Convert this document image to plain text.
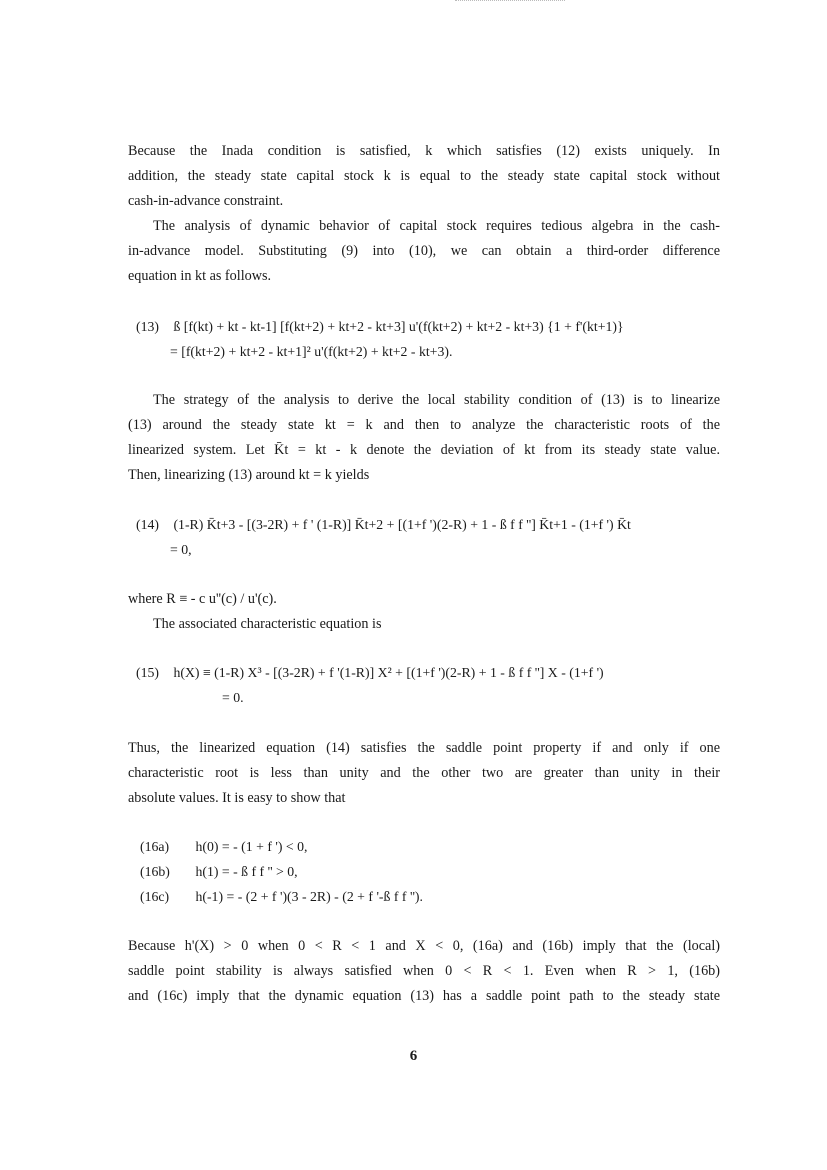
Because the Inada condition is satisfied, k which satisfies (12) exists uniquely. In
addition, the steady state capital stock k is equal to the steady state capital stock without
cash-in-advance constraint.
The analysis of dynamic behavior of capital stock requires tedious algebra in the cash-
in-advance model. Substituting (9) into (10), we can obtain a third-order difference
equation in kt as follows.
(13) ß [f(kt) + kt - kt-1] [f(kt+2) + kt+2 - kt+3] u'(f(kt+2) + kt+2 - kt+3) {1 + f'(kt+1)}
= [f(kt+2) + kt+2 - kt+1]² u'(f(kt+2) + kt+2 - kt+3).
The strategy of the analysis to derive the local stability condition of (13) is to linearize
(13) around the steady state kt = k and then to analyze the characteristic roots of the
linearized system. Let K̄t = kt - k denote the deviation of kt from its steady state value.
Then, linearizing (13) around kt = k yields
(14) (1-R) K̄t+3 - [(3-2R) + f ' (1-R)] K̄t+2 + [(1+f ')(2-R) + 1 - ß f f ''] K̄t+1 - (1+f ') K̄t
= 0,
where R ≡ - c u''(c) / u'(c).
The associated characteristic equation is
(15) h(X) ≡ (1-R) X³ - [(3-2R) + f '(1-R)] X² + [(1+f ')(2-R) + 1 - ß f f ''] X - (1+f ')
= 0.
Thus, the linearized equation (14) satisfies the saddle point property if and only if one
characteristic root is less than unity and the other two are greater than unity in their
absolute values. It is easy to show that
(16a) h(0) = - (1 + f ') < 0,
(16b) h(1) = - ß f f '' > 0,
(16c) h(-1) = - (2 + f ')(3 - 2R) - (2 + f '-ß f f '').
Because h'(X) > 0 when 0 < R < 1 and X < 0, (16a) and (16b) imply that the (local)
saddle point stability is always satisfied when 0 < R < 1. Even when R > 1, (16b)
and (16c) imply that the dynamic equation (13) has a saddle point path to the steady state
6
